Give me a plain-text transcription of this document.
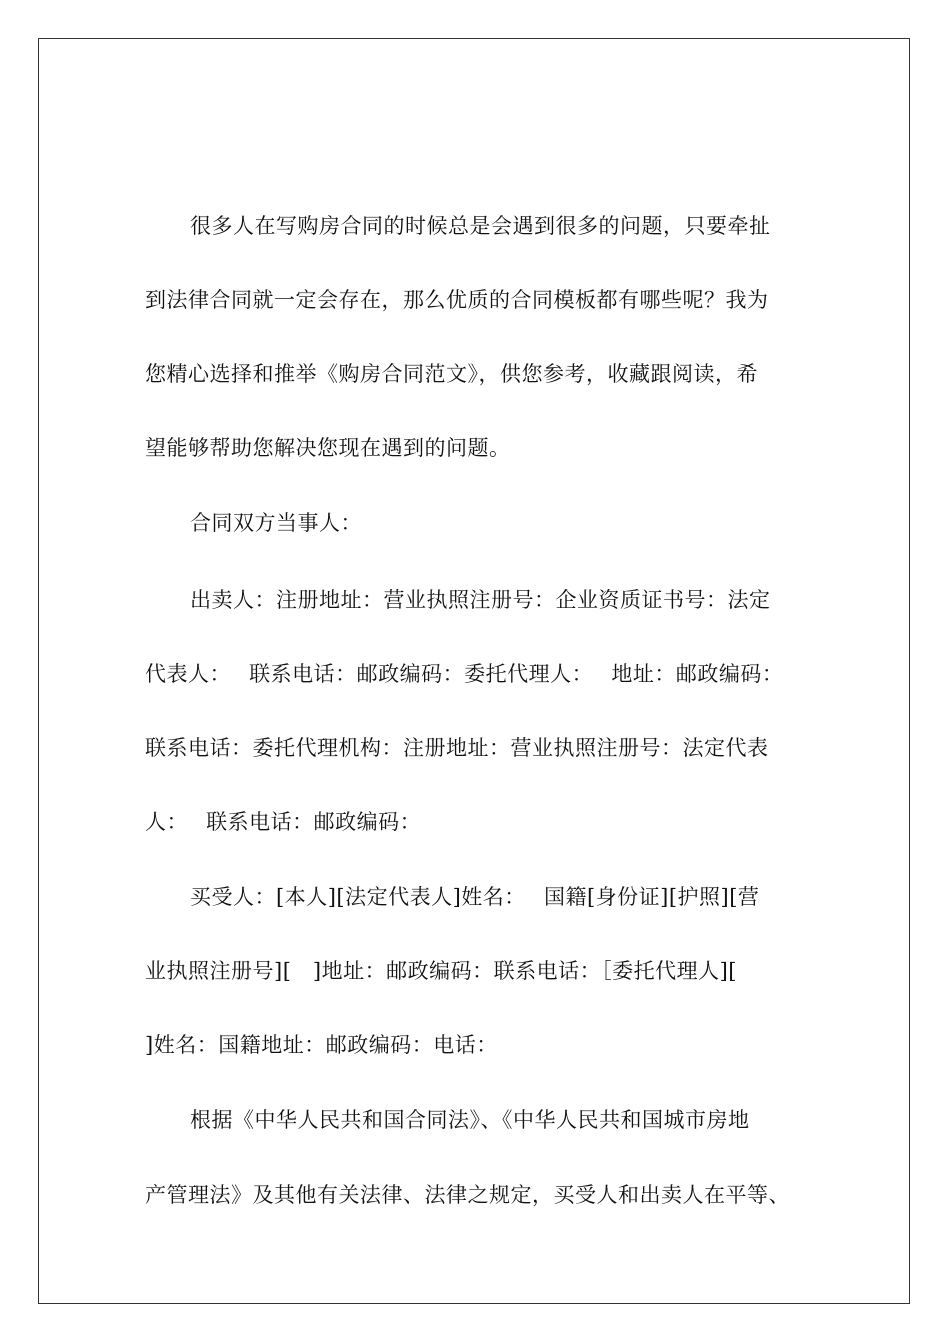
很多人在写购房合同的时候总是会遇到很多的问题，只要牵扯
到法律合同就一定会存在，那么优质的合同模板都有哪些呢？我为
您精心选择和推举《购房合同范文》，供您参考，收藏跟阅读，希
望能够帮助您解决您现在遇到的问题。
合同双方当事人：
出卖人：注册地址：营业执照注册号：企业资质证书号：法定
代表人：　 联系电话：邮政编码：委托代理人：　 地址：邮政编码：
联系电话：委托代理机构：注册地址：营业执照注册号：法定代表
人：　 联系电话：邮政编码：
买受人：[本人][法定代表人]姓名：　 国籍[身份证][护照][营
业执照注册号][　]地址：邮政编码：联系电话：［委托代理人][
]姓名：国籍地址：邮政编码：电话：
根据《中华人民共和国合同法》、《中华人民共和国城市房地
产管理法》及其他有关法律、法律之规定，买受人和出卖人在平等、
